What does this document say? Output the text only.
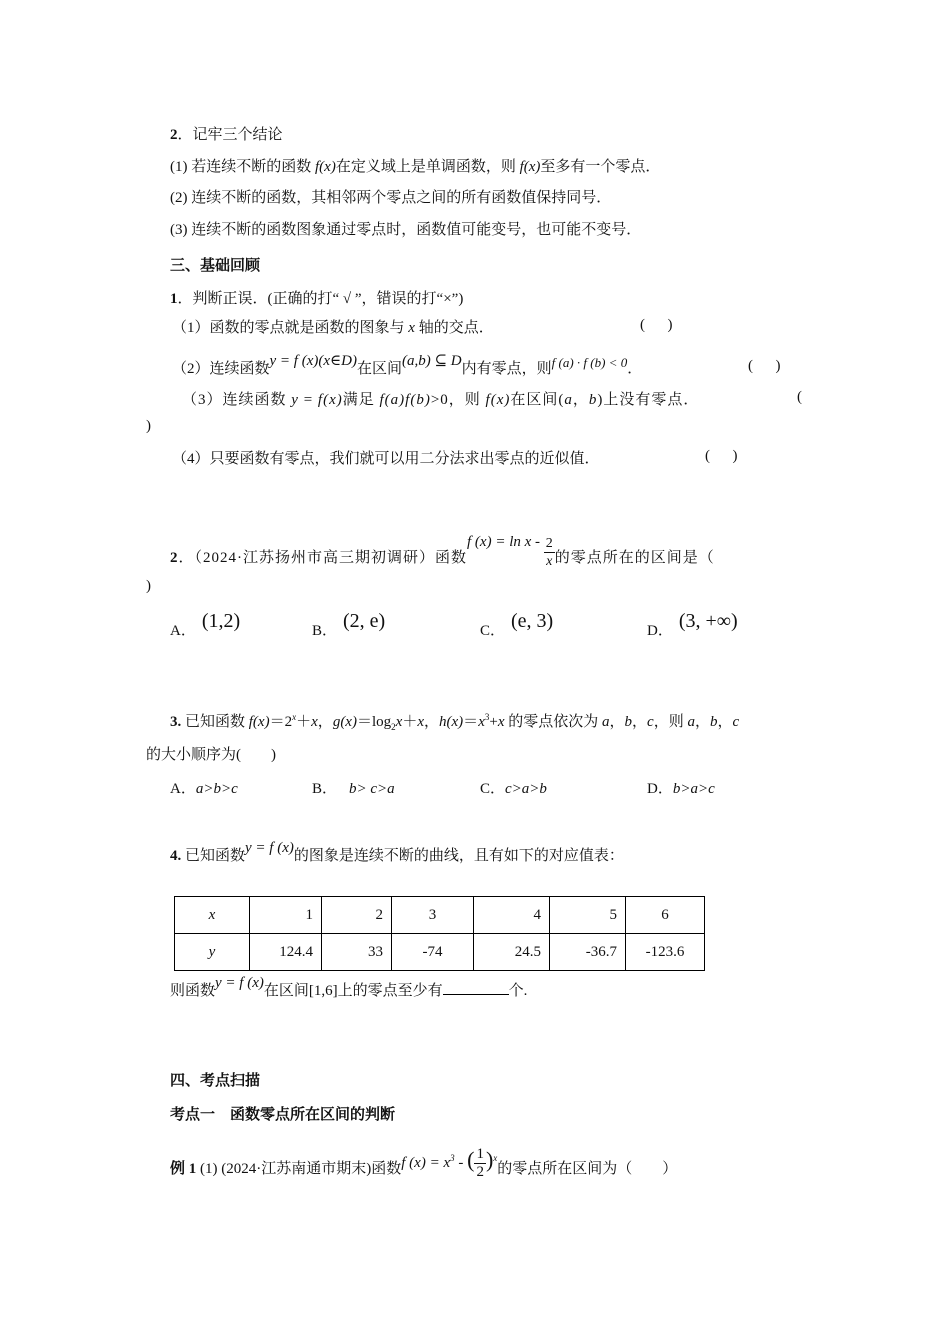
2．记牢三个结论
(1) 若连续不断的函数 f(x)在定义域上是单调函数，则 f(x)至多有一个零点．
(2) 连续不断的函数，其相邻两个零点之间的所有函数值保持同号．
(3) 连续不断的函数图象通过零点时，函数值可能变号，也可能不变号．
三、基础回顾
1．判断正误．(正确的打“ √ ”，错误的打“×”)
（1）函数的零点就是函数的图象与 x 轴的交点．	(      )
（2）连续函数y = f (x)(x∈D)在区间(a,b) ⊆ D内有零点，则f (a) · f (b) < 0．	(      )
（3）连续函数 y = f(x)满足 f(a)f(b)>0，则 f(x)在区间(a，b)上没有零点．	(
)
（4）只要函数有零点，我们就可以用二分法求出零点的近似值．	(      )
2．（2024·江苏扬州市高三期初调研）函数f $(x) = \ln x - \frac{2}{x}$ 的零点所在的区间是（
)
A． (1,2)	B． (2, e)	C． (e, 3)	D． (3, +∞)
3. 已知函数 $f(x)=2^x+x$，$g(x)=\log_2x+x$，$h(x)=x^3+x$ 的零点依次为 a，b，c，则 a，b，c
的大小顺序为(　　)
A．a>b>c	B． b> c>a	C．c>a>b	D．b>a>c
4. 已知函数y = f (x)的图象是连续不断的曲线，且有如下的对应值表：
x	1	2	3	4	5	6
y	124.4	33	-74	24.5	-36.7	-123.6
则函数y = f (x)在区间[1,6]上的零点至少有	个.
四、考点扫描
考点一　函数零点所在区间的判断
例 1 (1) (2024·江苏南通市期末)函数f $(x) = x^3$ - ( $\frac{1}{2} )^x$的零点所在区间为（　　）
